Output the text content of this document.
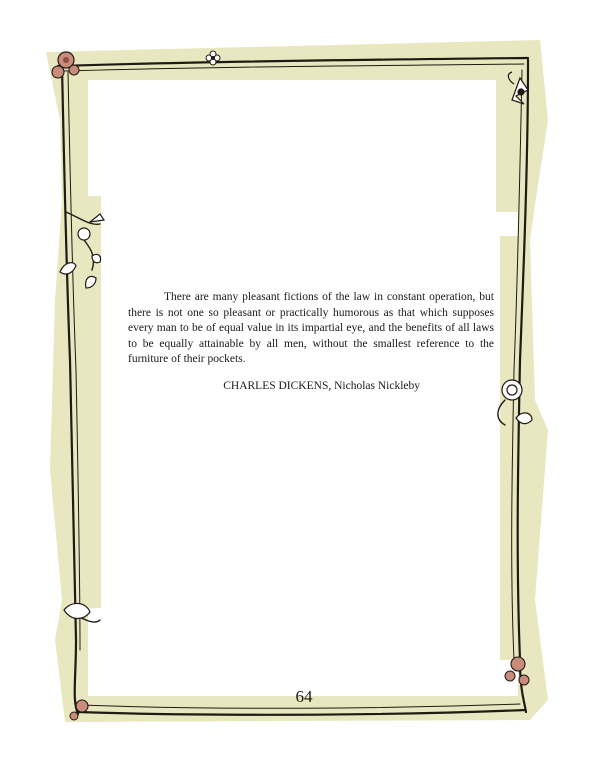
There are many pleasant fictions of the law in constant operation, but there is not one so pleasant or practically humorous as that which supposes every man to be of equal value in its impartial eye, and the benefits of all laws to be equally attainable by all men, without the smallest reference to the furniture of their pockets.

CHARLES DICKENS, Nicholas Nickleby
64
